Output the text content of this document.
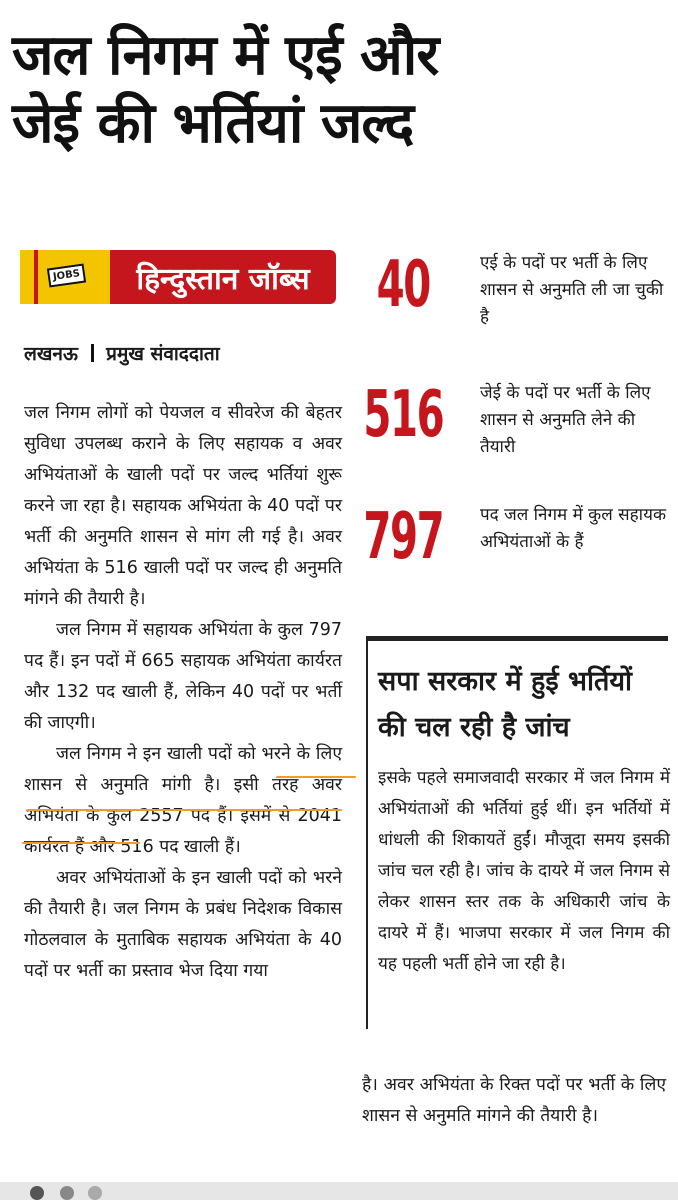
जल निगम में एई और
जेई की भर्तियां जल्द
JOBS	हिन्दुस्तान जॉब्स
लखनऊ प्रमुख संवाददाता

जल निगम लोगों को पेयजल व सीवरेज की बेहतर सुविधा उपलब्ध कराने के लिए सहायक व अवर अभियंताओं के खाली पदों पर जल्द भर्तियां शुरू करने जा रहा है। सहायक अभियंता के 40 पदों पर भर्ती की अनुमति शासन से मांग ली गई है। अवर अभियंता के 516 खाली पदों पर जल्द ही अनुमति मांगने की तैयारी है।

जल निगम में सहायक अभियंता के कुल 797 पद हैं। इन पदों में 665 सहायक अभियंता कार्यरत और 132 पद खाली हैं, लेकिन 40 पदों पर भर्ती की जाएगी।

जल निगम ने इन खाली पदों को भरने के लिए शासन से अनुमति मांगी है। इसी तरह अवर अभियंता के कुल 2557 पद हैं। इसमें से 2041 कार्यरत हैं और 516 पद खाली हैं।

अवर अभियंताओं के इन खाली पदों को भरने की तैयारी है। जल निगम के प्रबंध निदेशक विकास गोठलवाल के मुताबिक सहायक अभियंता के 40 पदों पर भर्ती का प्रस्ताव भेज दिया गया

40	एई के पदों पर भर्ती के लिए शासन से अनुमति ली जा चुकी है
516 जेई के पदों पर भर्ती के लिए शासन से अनुमति लेने की तैयारी
797 पद जल निगम में कुल सहायक अभियंताओं के हैं
सपा सरकार में हुई भर्तियों की चल रही है जांच
इसके पहले समाजवादी सरकार में जल निगम में अभियंताओं की भर्तियां हुई थीं। इन भर्तियों में धांधली की शिकायतें हुईं। मौजूदा समय इसकी जांच चल रही है। जांच के दायरे में जल निगम से लेकर शासन स्तर तक के अधिकारी जांच के दायरे में हैं। भाजपा सरकार में जल निगम की यह पहली भर्ती होने जा रही है।
है। अवर अभियंता के रिक्त पदों पर भर्ती के लिए शासन से अनुमति मांगने की तैयारी है।
